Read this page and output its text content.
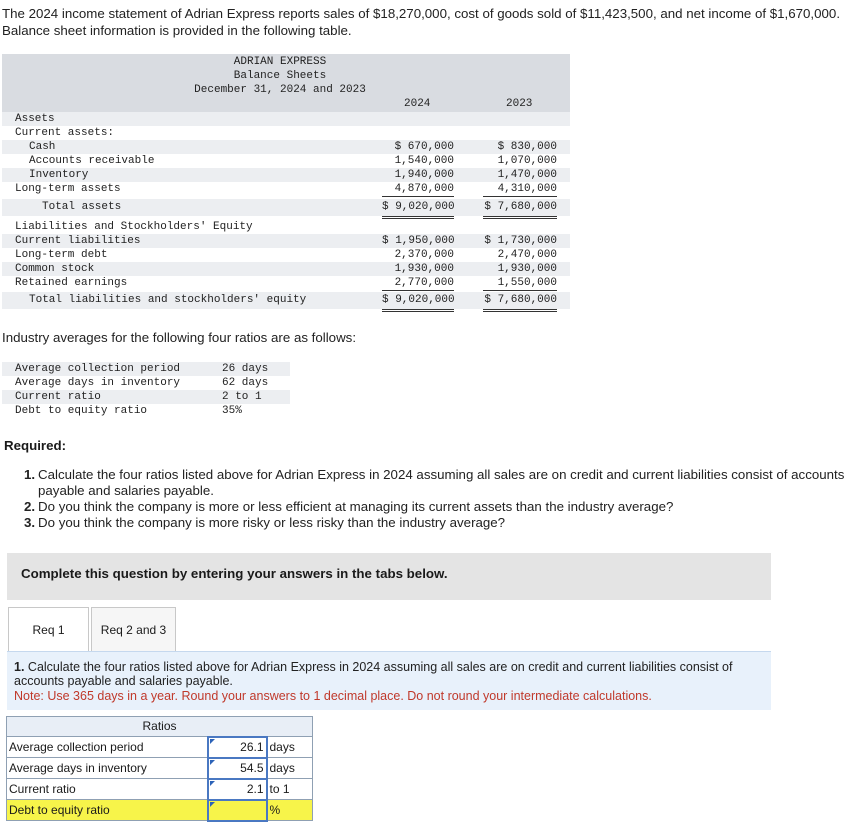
The 2024 income statement of Adrian Express reports sales of $18,270,000, cost of goods sold of $11,423,500, and net income of $1,670,000. Balance sheet information is provided in the following table.
ADRIAN EXPRESS
Balance Sheets
December 31, 2024 and 2023
2024	2023
Assets
Current assets:
Cash	$ 670,000	$ 830,000
Accounts receivable	1,540,000	1,070,000
Inventory	1,940,000	1,470,000
Long-term assets	4,870,000	4,310,000
Total assets	$ 9,020,000	$ 7,680,000
Liabilities and Stockholders' Equity
Current liabilities	$ 1,950,000	$ 1,730,000
Long-term debt	2,370,000	2,470,000
Common stock	1,930,000	1,930,000
Retained earnings	2,770,000	1,550,000
Total liabilities and stockholders' equity	$ 9,020,000	$ 7,680,000
Industry averages for the following four ratios are as follows:
Average collection period	26 days
Average days in inventory	62 days
Current ratio	2 to 1
Debt to equity ratio	35%
Required:
1. Calculate the four ratios listed above for Adrian Express in 2024 assuming all sales are on credit and current liabilities consist of accounts payable and salaries payable.
2. Do you think the company is more or less efficient at managing its current assets than the industry average?
3. Do you think the company is more risky or less risky than the industry average?
Complete this question by entering your answers in the tabs below.
Req 1	Req 2 and 3
1. Calculate the four ratios listed above for Adrian Express in 2024 assuming all sales are on credit and current liabilities consist of accounts payable and salaries payable.
Note: Use 365 days in a year. Round your answers to 1 decimal place. Do not round your intermediate calculations.
Ratios		
Average collection period	26.1	days
Average days in inventory	54.5	days
Current ratio	2.1	to 1
Debt to equity ratio		%
